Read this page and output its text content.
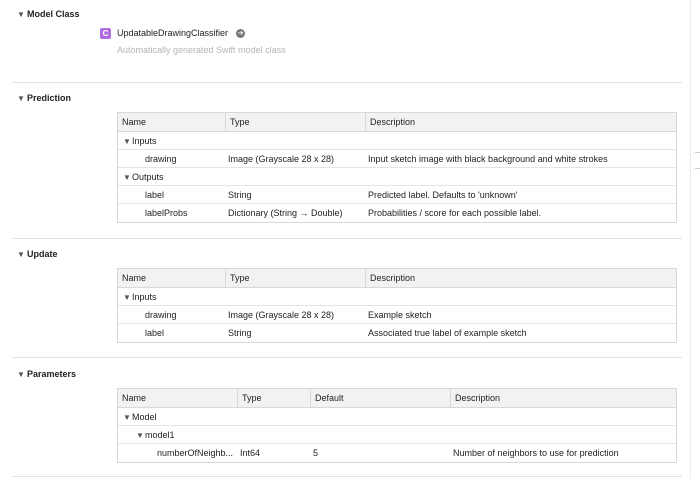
▼ Model Class
C UpdatableDrawingClassifier ➔
Automatically generated Swift model class
▼ Prediction
Name	Type	Description
▼Inputs
drawing	Image (Grayscale 28 x 28)	Input sketch image with black background and white strokes
▼Outputs
label	String	Predicted label. Defaults to 'unknown'
labelProbs	Dictionary (String → Double)	Probabilities / score for each possible label.
▼ Update
Name	Type	Description
▼Inputs
drawing	Image (Grayscale 28 x 28)	Example sketch
label	String	Associated true label of example sketch
▼ Parameters
Name	Type	Default	Description
▼Model
▼model1
numberOfNeighb... Int64	5	Number of neighbors to use for prediction
